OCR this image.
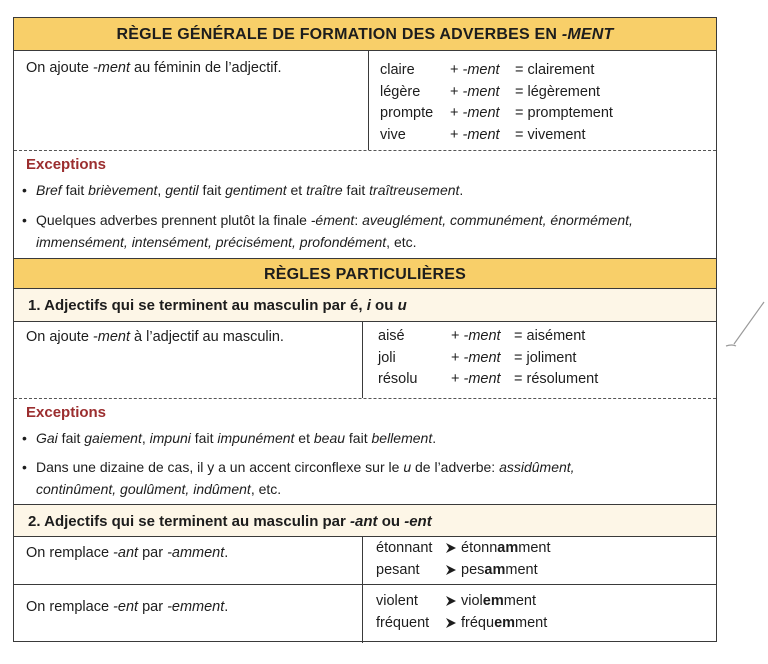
RÈGLE GÉNÉRALE DE FORMATION DES ADVERBES EN -MENT
On ajoute -ment au féminin de l’adjectif.	claire + -ment = clairement
légère + -ment = légèrement
prompte + -ment = promptement
vive	+ -ment = vivement
Exceptions
• Bref fait brièvement, gentil fait gentiment et traître fait traîtreusement.
• Quelques adverbes prennent plutôt la finale -ément: aveuglément, communément, énormément,
immensément, intensément, précisément, profondément, etc.
RÈGLES PARTICULIÈRES
1. Adjectifs qui se terminent au masculin par é, i ou u
On ajoute -ment à l’adjectif au masculin.	aisé	+ -ment = aisément
joli	+ -ment = joliment
résolu + -ment = résolument
Exceptions
• Gai fait gaiement, impuni fait impunément et beau fait bellement.
• Dans une dizaine de cas, il y a un accent circonflexe sur le u de l’adverbe: assidûment,
continûment, goulûment, indûment, etc.
2. Adjectifs qui se terminent au masculin par -ant ou -ent
On remplace -ant par -amment.	étonnant étonnamment
pesant	pesamment
On remplace -ent par -emment.	violent	violemment
fréquent fréquemment
